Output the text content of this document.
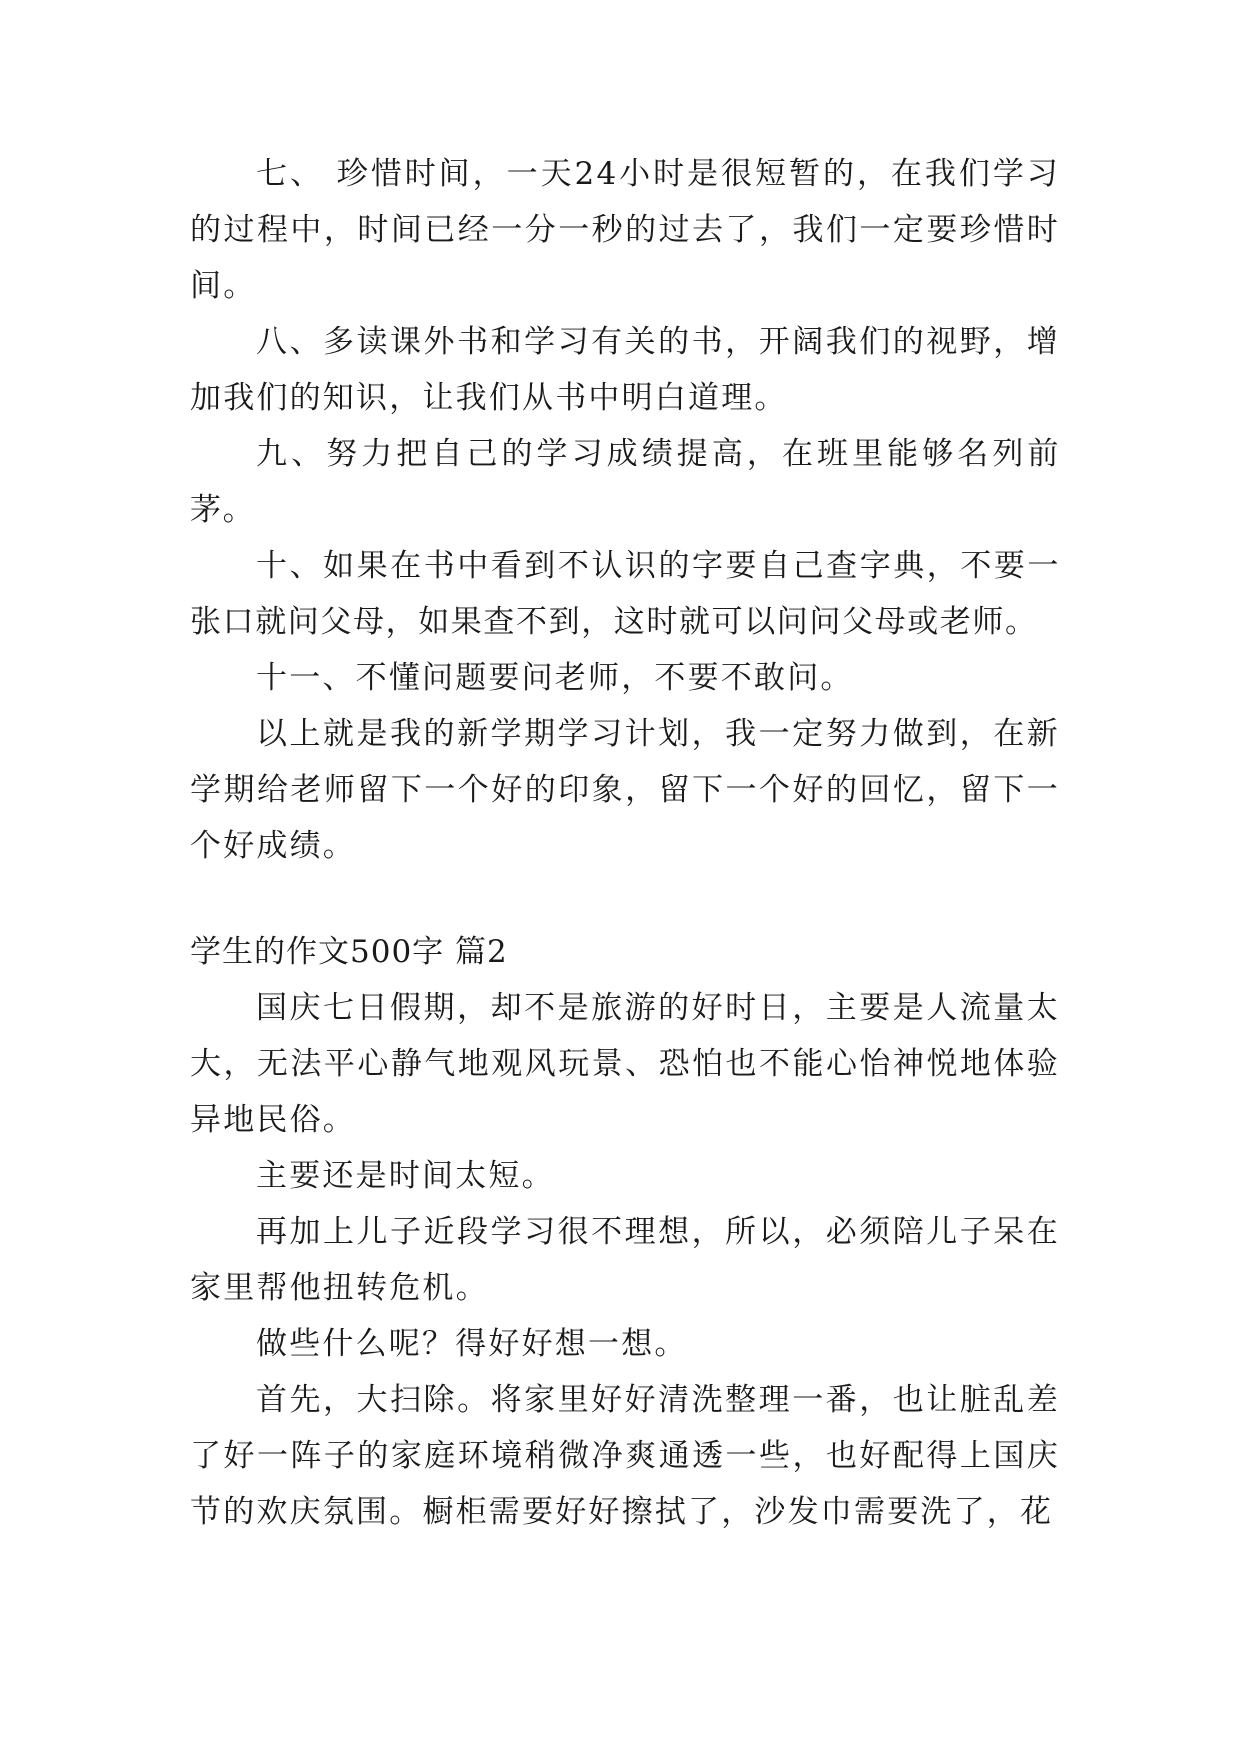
七、 珍惜时间，一天24小时是很短暂的，在我们学习的过程中，时间已经一分一秒的过去了，我们一定要珍惜时间。

八、多读课外书和学习有关的书，开阔我们的视野，增加我们的知识，让我们从书中明白道理。

九、努力把自己的学习成绩提高，在班里能够名列前茅。

十、如果在书中看到不认识的字要自己查字典，不要一张口就问父母，如果查不到，这时就可以问问父母或老师。

十一、不懂问题要问老师，不要不敢问。

以上就是我的新学期学习计划，我一定努力做到，在新学期给老师留下一个好的印象，留下一个好的回忆，留下一个好成绩。

学生的作文500字 篇2

国庆七日假期，却不是旅游的好时日，主要是人流量太大，无法平心静气地观风玩景、恐怕也不能心怡神悦地体验异地民俗。

主要还是时间太短。

再加上儿子近段学习很不理想，所以，必须陪儿子呆在家里帮他扭转危机。

做些什么呢？得好好想一想。

首先，大扫除。将家里好好清洗整理一番，也让脏乱差了好一阵子的家庭环境稍微净爽通透一些，也好配得上国庆节的欢庆氛围。橱柜需要好好擦拭了，沙发巾需要洗了，花
